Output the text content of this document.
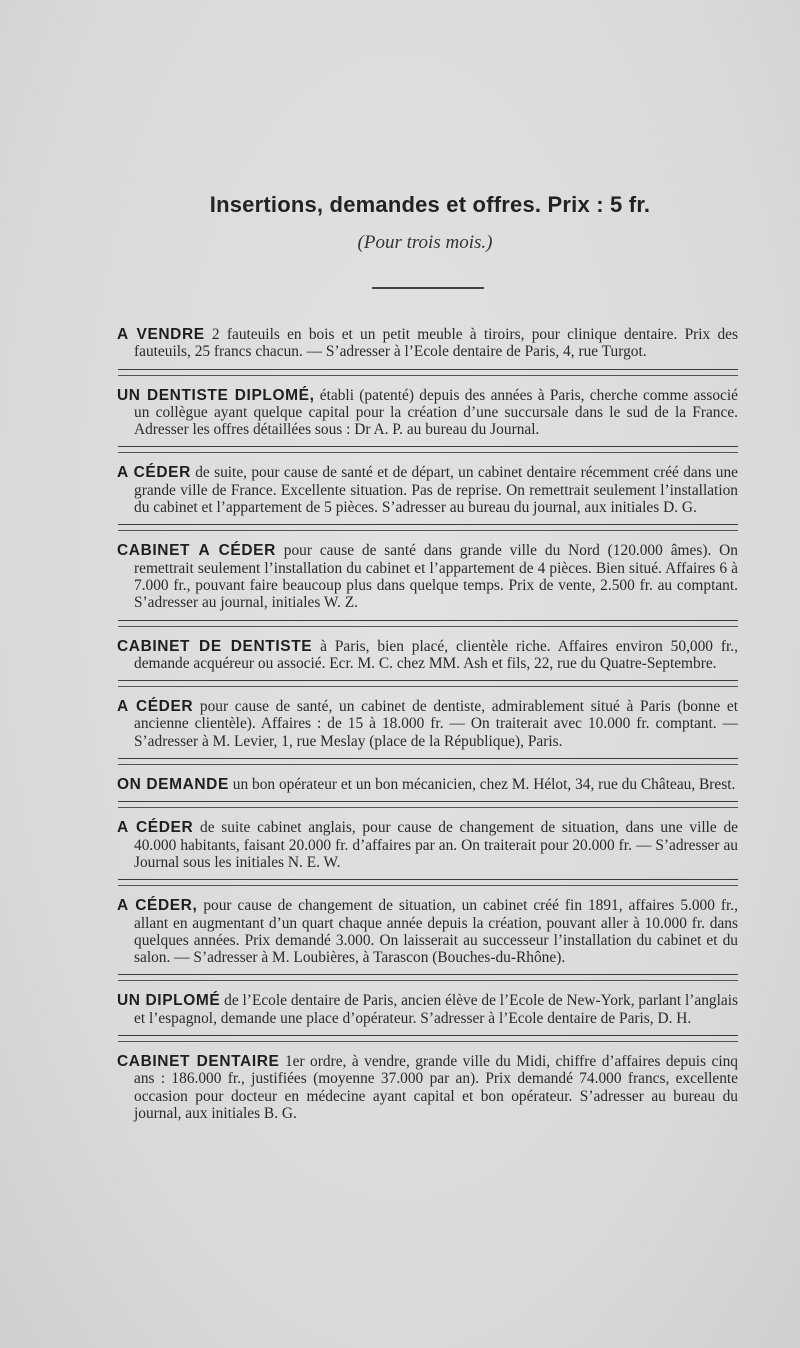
Insertions, demandes et offres. Prix : 5 fr.
(Pour trois mois.)

A VENDRE 2 fauteuils en bois et un petit meuble à tiroirs, pour clinique dentaire. Prix des fauteuils, 25 francs chacun. — S’adresser à l’Ecole dentaire de Paris, 4, rue Turgot.

UN DENTISTE DIPLOMÉ, établi (patenté) depuis des années à Paris, cherche comme associé un collègue ayant quelque capital pour la création d’une succursale dans le sud de la France. Adresser les offres détaillées sous : Dr A. P. au bureau du Journal.

A CÉDER de suite, pour cause de santé et de départ, un cabinet dentaire récemment créé dans une grande ville de France. Excellente situation. Pas de reprise. On remettrait seulement l’installation du cabinet et l’appartement de 5 pièces. S’adresser au bureau du journal, aux initiales D. G.

CABINET A CÉDER pour cause de santé dans grande ville du Nord (120.000 âmes). On remettrait seulement l’installation du cabinet et l’appartement de 4 pièces. Bien situé. Affaires 6 à 7.000 fr., pouvant faire beaucoup plus dans quelque temps. Prix de vente, 2.500 fr. au comptant. S’adresser au journal, initiales W. Z.

CABINET DE DENTISTE à Paris, bien placé, clientèle riche. Affaires environ 50,000 fr., demande acquéreur ou associé. Ecr. M. C. chez MM. Ash et fils, 22, rue du Quatre-Septembre.

A CÉDER pour cause de santé, un cabinet de dentiste, admirablement situé à Paris (bonne et ancienne clientèle). Affaires : de 15 à 18.000 fr. — On traiterait avec 10.000 fr. comptant. — S’adresser à M. Levier, 1, rue Meslay (place de la République), Paris.

ON DEMANDE un bon opérateur et un bon mécanicien, chez M. Hélot, 34, rue du Château, Brest.

A CÉDER de suite cabinet anglais, pour cause de changement de situation, dans une ville de 40.000 habitants, faisant 20.000 fr. d’affaires par an. On traiterait pour 20.000 fr. — S’adresser au Journal sous les initiales N. E. W.

A CÉDER, pour cause de changement de situation, un cabinet créé fin 1891, affaires 5.000 fr., allant en augmentant d’un quart chaque année depuis la création, pouvant aller à 10.000 fr. dans quelques années. Prix demandé 3.000. On laisserait au successeur l’installation du cabinet et du salon. — S’adresser à M. Loubières, à Tarascon (Bouches-du-Rhône).

UN DIPLOMÉ de l’Ecole dentaire de Paris, ancien élève de l’Ecole de New-York, parlant l’anglais et l’espagnol, demande une place d’opérateur. S’adresser à l’Ecole dentaire de Paris, D. H.

CABINET DENTAIRE 1er ordre, à vendre, grande ville du Midi, chiffre d’affaires depuis cinq ans : 186.000 fr., justifiées (moyenne 37.000 par an). Prix demandé 74.000 francs, excellente occasion pour docteur en médecine ayant capital et bon opérateur. S’adresser au bureau du journal, aux initiales B. G.
